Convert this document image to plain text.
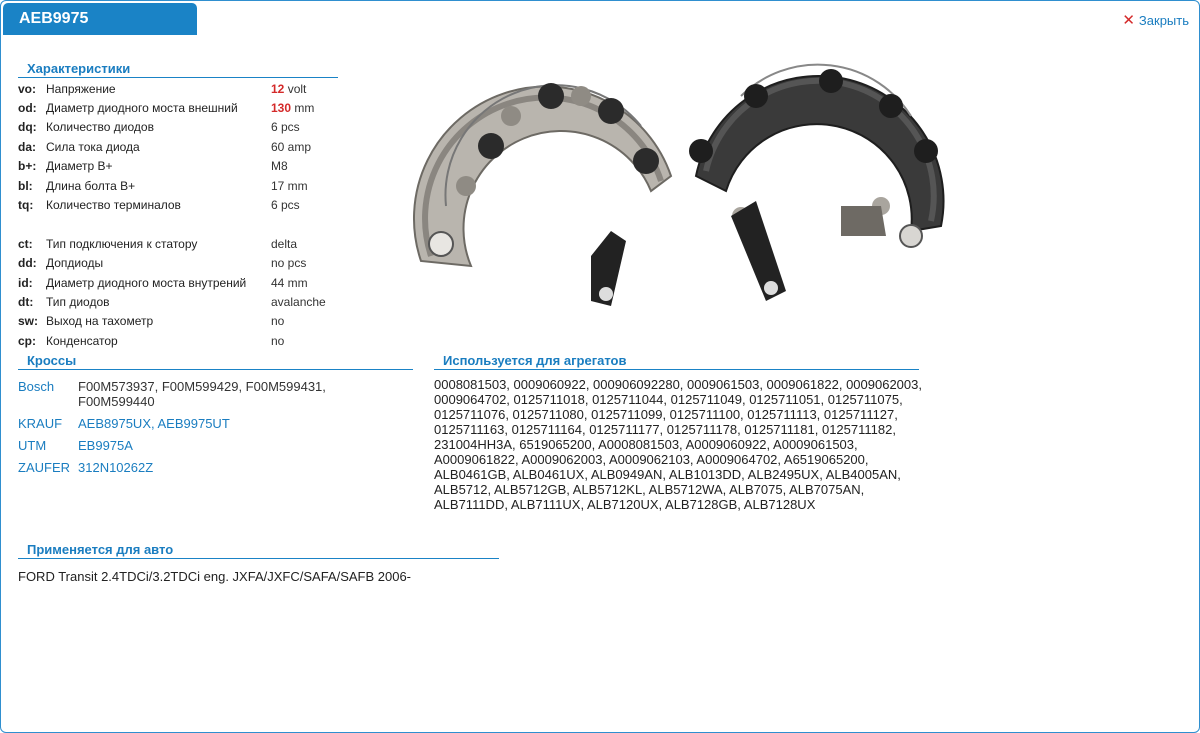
AEB9975	✕ Закрыть
Характеристики
vo: Напряжение	12 volt
od: Диаметр диодного моста внешний	130 mm
dq: Количество диодов	6 pcs
da: Сила тока диода	60 amp
b+: Диаметр B+	M8
bl:	Длина болта B+	17 mm
tq:	Количество терминалов	6 pcs
ct:	Тип подключения к статору	delta
dd: Допдиоды	no pcs
id:	Диаметр диодного моста внутрений	44 mm
dt:	Тип диодов	avalanche
sw: Выход на тахометр	no
cp: Конденсатор	no
Кроссы
Bosch	F00M573937, F00M599429, F00M599431, F00M599440
KRAUF	AEB8975UX, AEB9975UT
UTM	EB9975A
ZAUFER 312N10262Z
Используется для агрегатов
0008081503, 0009060922, 000906092280, 0009061503, 0009061822, 0009062003, 0009064702, 0125711018, 0125711044, 0125711049, 0125711051, 0125711075, 0125711076, 0125711080, 0125711099, 0125711100, 0125711113, 0125711127, 0125711163, 0125711164, 0125711177, 0125711178, 0125711181, 0125711182, 231004HH3A, 6519065200, A0008081503, A0009060922, A0009061503, A0009061822, A0009062003, A0009062103, A0009064702, A6519065200, ALB0461GB, ALB0461UX, ALB0949AN, ALB1013DD, ALB2495UX, ALB4005AN, ALB5712, ALB5712GB, ALB5712KL, ALB5712WA, ALB7075, ALB7075AN, ALB7111DD, ALB7111UX, ALB7120UX, ALB7128GB, ALB7128UX
Применяется для авто
FORD Transit 2.4TDCi/3.2TDCi eng. JXFA/JXFC/SAFA/SAFB 2006-
